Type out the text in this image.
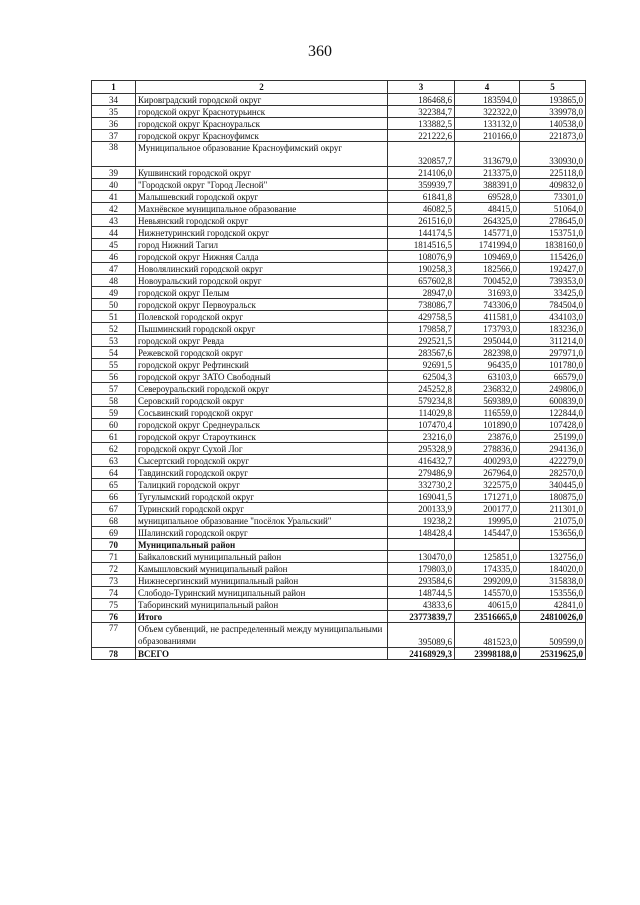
360
1	2	3	4	5
34	Кировградский городской округ	186468,6	183594,0	193865,0
35	городской округ Краснотурьинск	322384,7	322322,0	339978,0
36	городской округ Красноуральск	133882,5	133132,0	140538,0
37	городской округ Красноуфимск	221222,6	210166,0	221873,0
38	Муниципальное образование Красноуфимский округ	320857,7	313679,0	330930,0
39	Кушвинский городской округ	214106,0	213375,0	225118,0
40	"Городской округ "Город Лесной"	359939,7	388391,0	409832,0
41	Малышевский городской округ	61841,8	69528,0	73301,0
42	Махнёвское муниципальное образование	46082,5	48415,0	51064,0
43	Невьянский городской округ	261516,0	264325,0	278645,0
44	Нижнетуринский городской округ	144174,5	145771,0	153751,0
45	город Нижний Тагил	1814516,5	1741994,0	1838160,0
46	городской округ Нижняя Салда	108076,9	109469,0	115426,0
47	Новолялинский городской округ	190258,3	182566,0	192427,0
48	Новоуральский городской округ	657602,8	700452,0	739353,0
49	городской округ Пелым	28947,0	31693,0	33425,0
50	городской округ Первоуральск	738086,7	743306,0	784504,0
51	Полевской городской округ	429758,5	411581,0	434103,0
52	Пышминский городской округ	179858,7	173793,0	183236,0
53	городской округ Ревда	292521,5	295044,0	311214,0
54	Режевской городской округ	283567,6	282398,0	297971,0
55	городской округ Рефтинский	92691,5	96435,0	101780,0
56	городской округ ЗАТО Свободный	62504,3	63103,0	66579,0
57	Североуральский городской округ	245252,8	236832,0	249806,0
58	Серовский городской округ	579234,8	569389,0	600839,0
59	Сосьвинский городской округ	114029,8	116559,0	122844,0
60	городской округ Среднеуральск	107470,4	101890,0	107428,0
61	городской округ Староуткинск	23216,0	23876,0	25199,0
62	городской округ Сухой Лог	295328,9	278836,0	294136,0
63	Сысертский городской округ	416432,7	400293,0	422279,0
64	Тавдинский городской округ	279486,9	267964,0	282570,0
65	Талицкий городской округ	332730,2	322575,0	340445,0
66	Тугулымский городской округ	169041,5	171271,0	180875,0
67	Туринский городской округ	200133,9	200177,0	211301,0
68	муниципальное образование "посёлок Уральский"	19238,2	19995,0	21075,0
69	Шалинский городской округ	148428,4	145447,0	153656,0
70	Муниципальный район			
71	Байкаловский муниципальный район	130470,0	125851,0	132756,0
72	Камышловский муниципальный район	179803,0	174335,0	184020,0
73	Нижнесергинский муниципальный район	293584,6	299209,0	315838,0
74	Слободо-Туринский муниципальный район	148744,5	145570,0	153556,0
75	Таборинский муниципальный район	43833,6	40615,0	42841,0
76	Итого	23773839,7	23516665,0	24810026,0
77	Объем субвенций, не распределенный между муниципальными образованиями	395089,6	481523,0	509599,0
78	ВСЕГО	24168929,3	23998188,0	25319625,0
